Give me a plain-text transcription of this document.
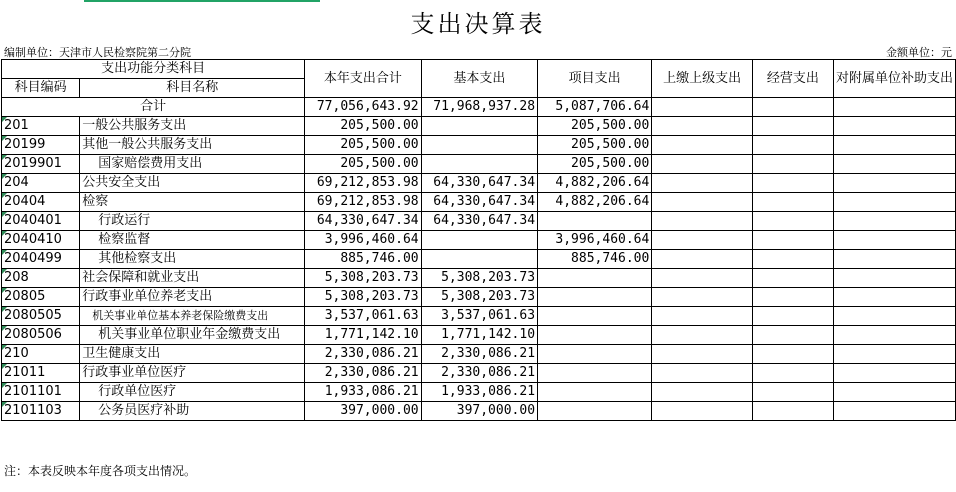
支出决算表
编制单位：天津市人民检察院第二分院	金额单位：元
支出功能分类科目		本年支出合计	基本支出	项目支出	上缴上级支出	经营支出	对附属单位补助支出
科目编码	科目名称						
合计		77,056,643.92	71,968,937.28	5,087,706.64			
201	一般公共服务支出	205,500.00		205,500.00			
20199	其他一般公共服务支出	205,500.00		205,500.00			
2019901	国家赔偿费用支出	205,500.00		205,500.00			
204	公共安全支出	69,212,853.98	64,330,647.34	4,882,206.64			
20404	检察	69,212,853.98	64,330,647.34	4,882,206.64			
2040401	行政运行	64,330,647.34	64,330,647.34				
2040410	检察监督	3,996,460.64		3,996,460.64			
2040499	其他检察支出	885,746.00		885,746.00			
208	社会保障和就业支出	5,308,203.73	5,308,203.73				
20805	行政事业单位养老支出	5,308,203.73	5,308,203.73				
2080505	机关事业单位基本养老保险缴费支出	3,537,061.63	3,537,061.63				
2080506	机关事业单位职业年金缴费支出	1,771,142.10	1,771,142.10				
210	卫生健康支出	2,330,086.21	2,330,086.21				
21011	行政事业单位医疗	2,330,086.21	2,330,086.21				
2101101	行政单位医疗	1,933,086.21	1,933,086.21				
2101103	公务员医疗补助	397,000.00	397,000.00				
注：本表反映本年度各项支出情况。
